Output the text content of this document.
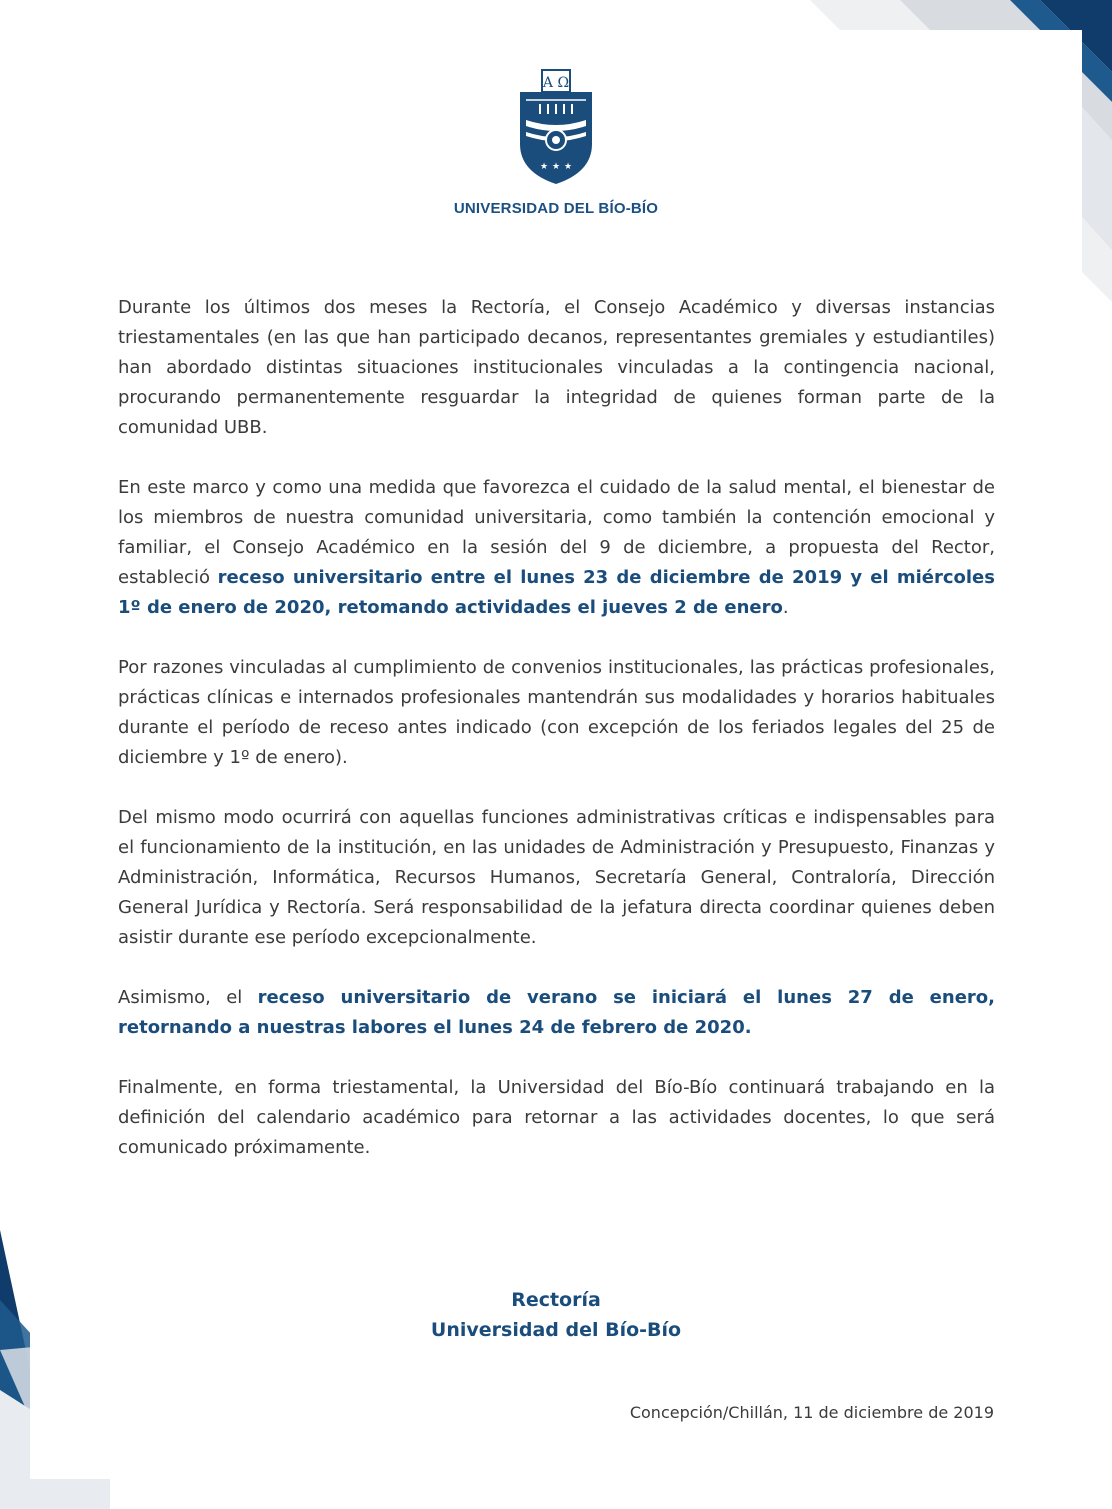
A Ω
★ ★ ★
UNIVERSIDAD DEL BÍO-BÍO

Durante los últimos dos meses la Rectoría, el Consejo Académico y diversas instancias triestamentales (en las que han participado decanos, representantes gremiales y estudiantiles) han abordado distintas situaciones institucionales vinculadas a la contingencia nacional, procurando permanentemente resguardar la integridad de quienes forman parte de la comunidad UBB.

En este marco y como una medida que favorezca el cuidado de la salud mental, el bienestar de los miembros de nuestra comunidad universitaria, como también la contención emocional y familiar, el Consejo Académico en la sesión del 9 de diciembre, a propuesta del Rector, estableció receso universitario entre el lunes 23 de diciembre de 2019 y el miércoles 1º de enero de 2020, retomando actividades el jueves 2 de enero.

Por razones vinculadas al cumplimiento de convenios institucionales, las prácticas profesionales, prácticas clínicas e internados profesionales mantendrán sus modalidades y horarios habituales durante el período de receso antes indicado (con excepción de los feriados legales del 25 de diciembre y 1º de enero).

Del mismo modo ocurrirá con aquellas funciones administrativas críticas e indispensables para el funcionamiento de la institución, en las unidades de Administración y Presupuesto, Finanzas y Administración, Informática, Recursos Humanos, Secretaría General, Contraloría, Dirección General Jurídica y Rectoría. Será responsabilidad de la jefatura directa coordinar quienes deben asistir durante ese período excepcionalmente.

Asimismo, el receso universitario de verano se iniciará el lunes 27 de enero, retornando a nuestras labores el lunes 24 de febrero de 2020.

Finalmente, en forma triestamental, la Universidad del Bío-Bío continuará trabajando en la definición del calendario académico para retornar a las actividades docentes, lo que será comunicado próximamente.

Rectoría
Universidad del Bío-Bío
Concepción/Chillán, 11 de diciembre de 2019
